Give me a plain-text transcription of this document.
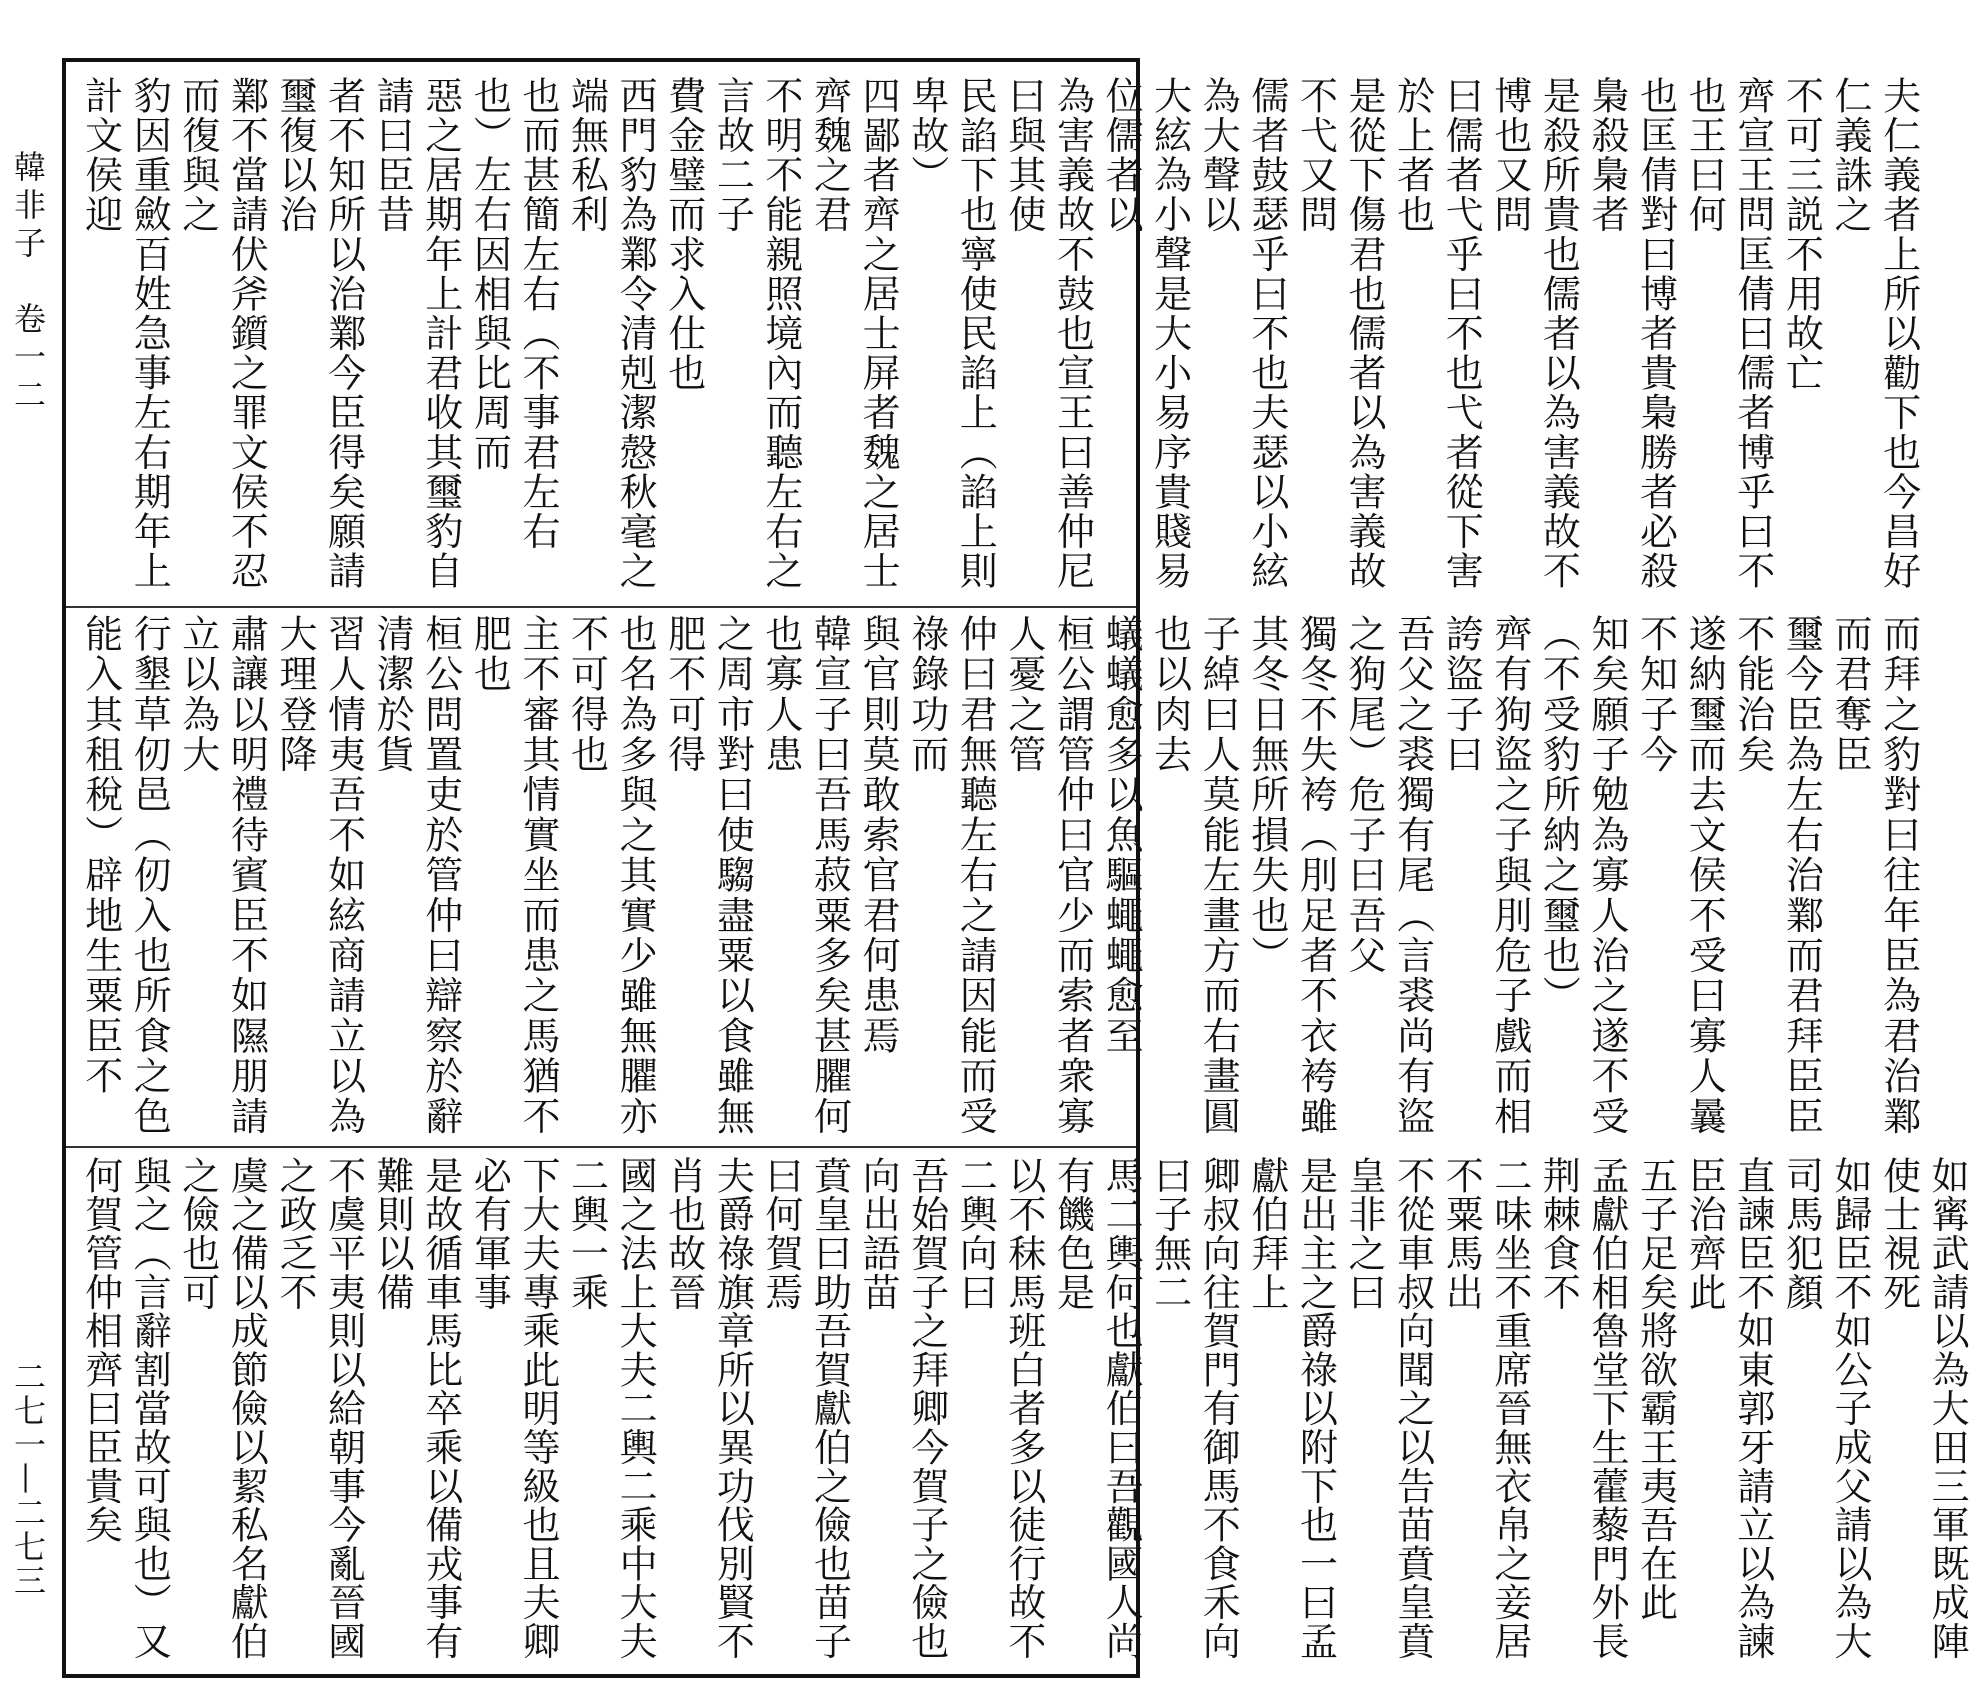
韓非子　卷一二
二七一—二七三
夫仁義者上所以勸下也今昌好仁義誅之
不可三説不用故亡
齊宣王問匡倩曰儒者博乎曰不也王曰何
也匡倩對曰博者貴梟勝者必殺梟殺梟者
是殺所貴也儒者以為害義故不博也又問
曰儒者弋乎曰不也弋者從下害於上者也
是從下傷君也儒者以為害義故不弋又問
儒者鼓瑟乎曰不也夫瑟以小絃為大聲以
大絃為小聲是大小易序貴賤易位儒者以
為害義故不鼓也宣王曰善仲尼曰與其使
民諂下也寧使民諂上（諂上則卑故）
四鄙者齊之居士屏者魏之居士齊魏之君
不明不能親照境內而聽左右之言故二子
費金璧而求入仕也
西門豹為鄴令清剋潔慤秋毫之端無私利
也而甚簡左右（不事君左右也）左右因相與比周而
惡之居期年上計君收其璽豹自請曰臣昔
者不知所以治鄴今臣得矣願請璽復以治
鄴不當請伏斧鑕之罪文侯不忍而復與之
豹因重斂百姓急事左右期年上計文侯迎
而拜之豹對曰往年臣為君治鄴而君奪臣
璽今臣為左右治鄴而君拜臣臣不能治矣
遂納璽而去文侯不受曰寡人曩不知子今
知矣願子勉為寡人治之遂不受（不受豹所納之璽也）
齊有狗盜之子與刖危子戲而相誇盜子曰
吾父之裘獨有尾（言裘尚有盜之狗尾）危子曰吾父
獨冬不失袴（刖足者不衣袴雖其冬日無所損失也）
子綽曰人莫能左畫方而右畫圓也以肉去
蟻蟻愈多以魚驅蠅蠅愈至
桓公謂管仲曰官少而索者衆寡人憂之管
仲曰君無聽左右之請因能而受祿錄功而
與官則莫敢索官君何患焉
韓宣子曰吾馬菽粟多矣甚臞何也寡人患
之周市對曰使騶盡粟以食雖無肥不可得
也名為多與之其實少雖無臞亦不可得也
主不審其情實坐而患之馬猶不肥也
桓公問置吏於管仲曰辯察於辭清潔於貨
習人情夷吾不如絃商請立以為大理登降
肅讓以明禮待賓臣不如隰朋請立以為大
行墾草仞邑（仞入也所食之色能入其租稅）辟地生粟臣不
如寗武請以為大田三軍既成陣使士視死
如歸臣不如公子成父請以為大司馬犯顏
直諫臣不如東郭牙請立以為諫臣治齊此
五子足矣將欲霸王夷吾在此
孟獻伯相魯堂下生藿藜門外長荆棘食不
二味坐不重席晉無衣帛之妾居不粟馬出
不從車叔向聞之以告苗賁皇賁皇非之曰
是出主之爵祿以附下也一曰孟獻伯拜上
卿叔向往賀門有御馬不食禾向曰子無二
馬二輿何也獻伯曰吾觀國人尚有饑色是
以不秣馬班白者多以徒行故不二輿向曰
吾始賀子之拜卿今賀子之儉也向出語苗
賁皇曰助吾賀獻伯之儉也苗子曰何賀焉
夫爵祿旗章所以異功伐別賢不肖也故晉
國之法上大夫二輿二乘中大夫二輿一乘
下大夫專乘此明等級也且夫卿必有軍事
是故循車馬比卒乘以備戎事有難則以備
不虞平夷則以給朝事今亂晉國之政乏不
虞之備以成節儉以絜私名獻伯之儉也可
與之（言辭割當故可與也）又何賀管仲相齊曰臣貴矣
